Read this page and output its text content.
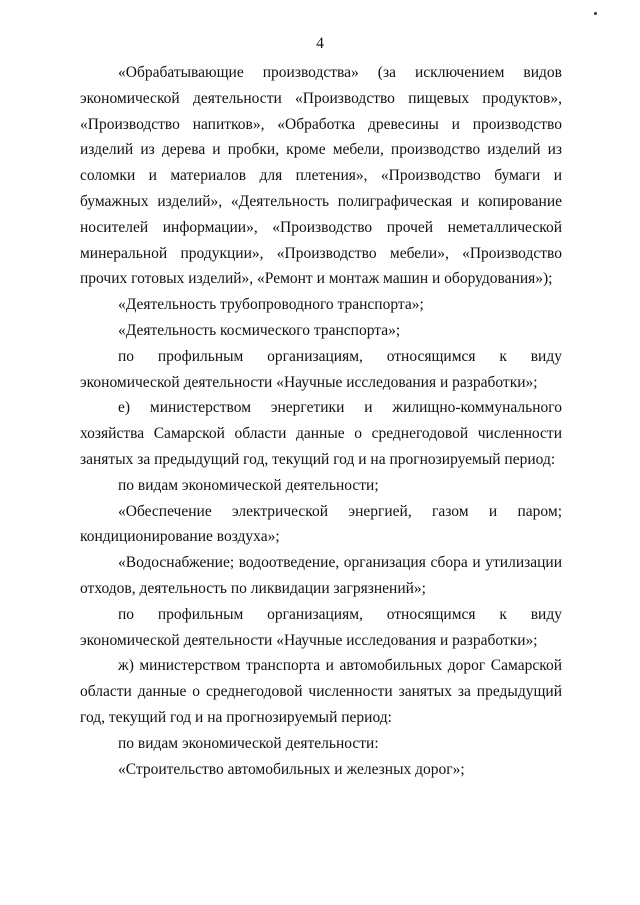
4

«Обрабатывающие производства» (за исключением видов экономической деятельности «Производство пищевых продуктов», «Производство напитков», «Обработка древесины и производство изделий из дерева и пробки, кроме мебели, производство изделий из соломки и материалов для плетения», «Производство бумаги и бумажных изделий», «Деятельность полиграфическая и копирование носителей информации», «Производство прочей неметаллической минеральной продукции», «Производство мебели», «Производство прочих готовых изделий», «Ремонт и монтаж машин и оборудования»);

«Деятельность трубопроводного транспорта»;

«Деятельность космического транспорта»;

по профильным организациям, относящимся к виду экономической деятельности «Научные исследования и разработки»;

е) министерством энергетики и жилищно-коммунального хозяйства Самарской области данные о среднегодовой численности занятых за предыдущий год, текущий год и на прогнозируемый период:

по видам экономической деятельности;

«Обеспечение электрической энергией, газом и паром; кондиционирование воздуха»;

«Водоснабжение; водоотведение, организация сбора и утилизации отходов, деятельность по ликвидации загрязнений»;

по профильным организациям, относящимся к виду экономической деятельности «Научные исследования и разработки»;

ж) министерством транспорта и автомобильных дорог Самарской области данные о среднегодовой численности занятых за предыдущий год, текущий год и на прогнозируемый период:

по видам экономической деятельности:

«Строительство автомобильных и железных дорог»;
